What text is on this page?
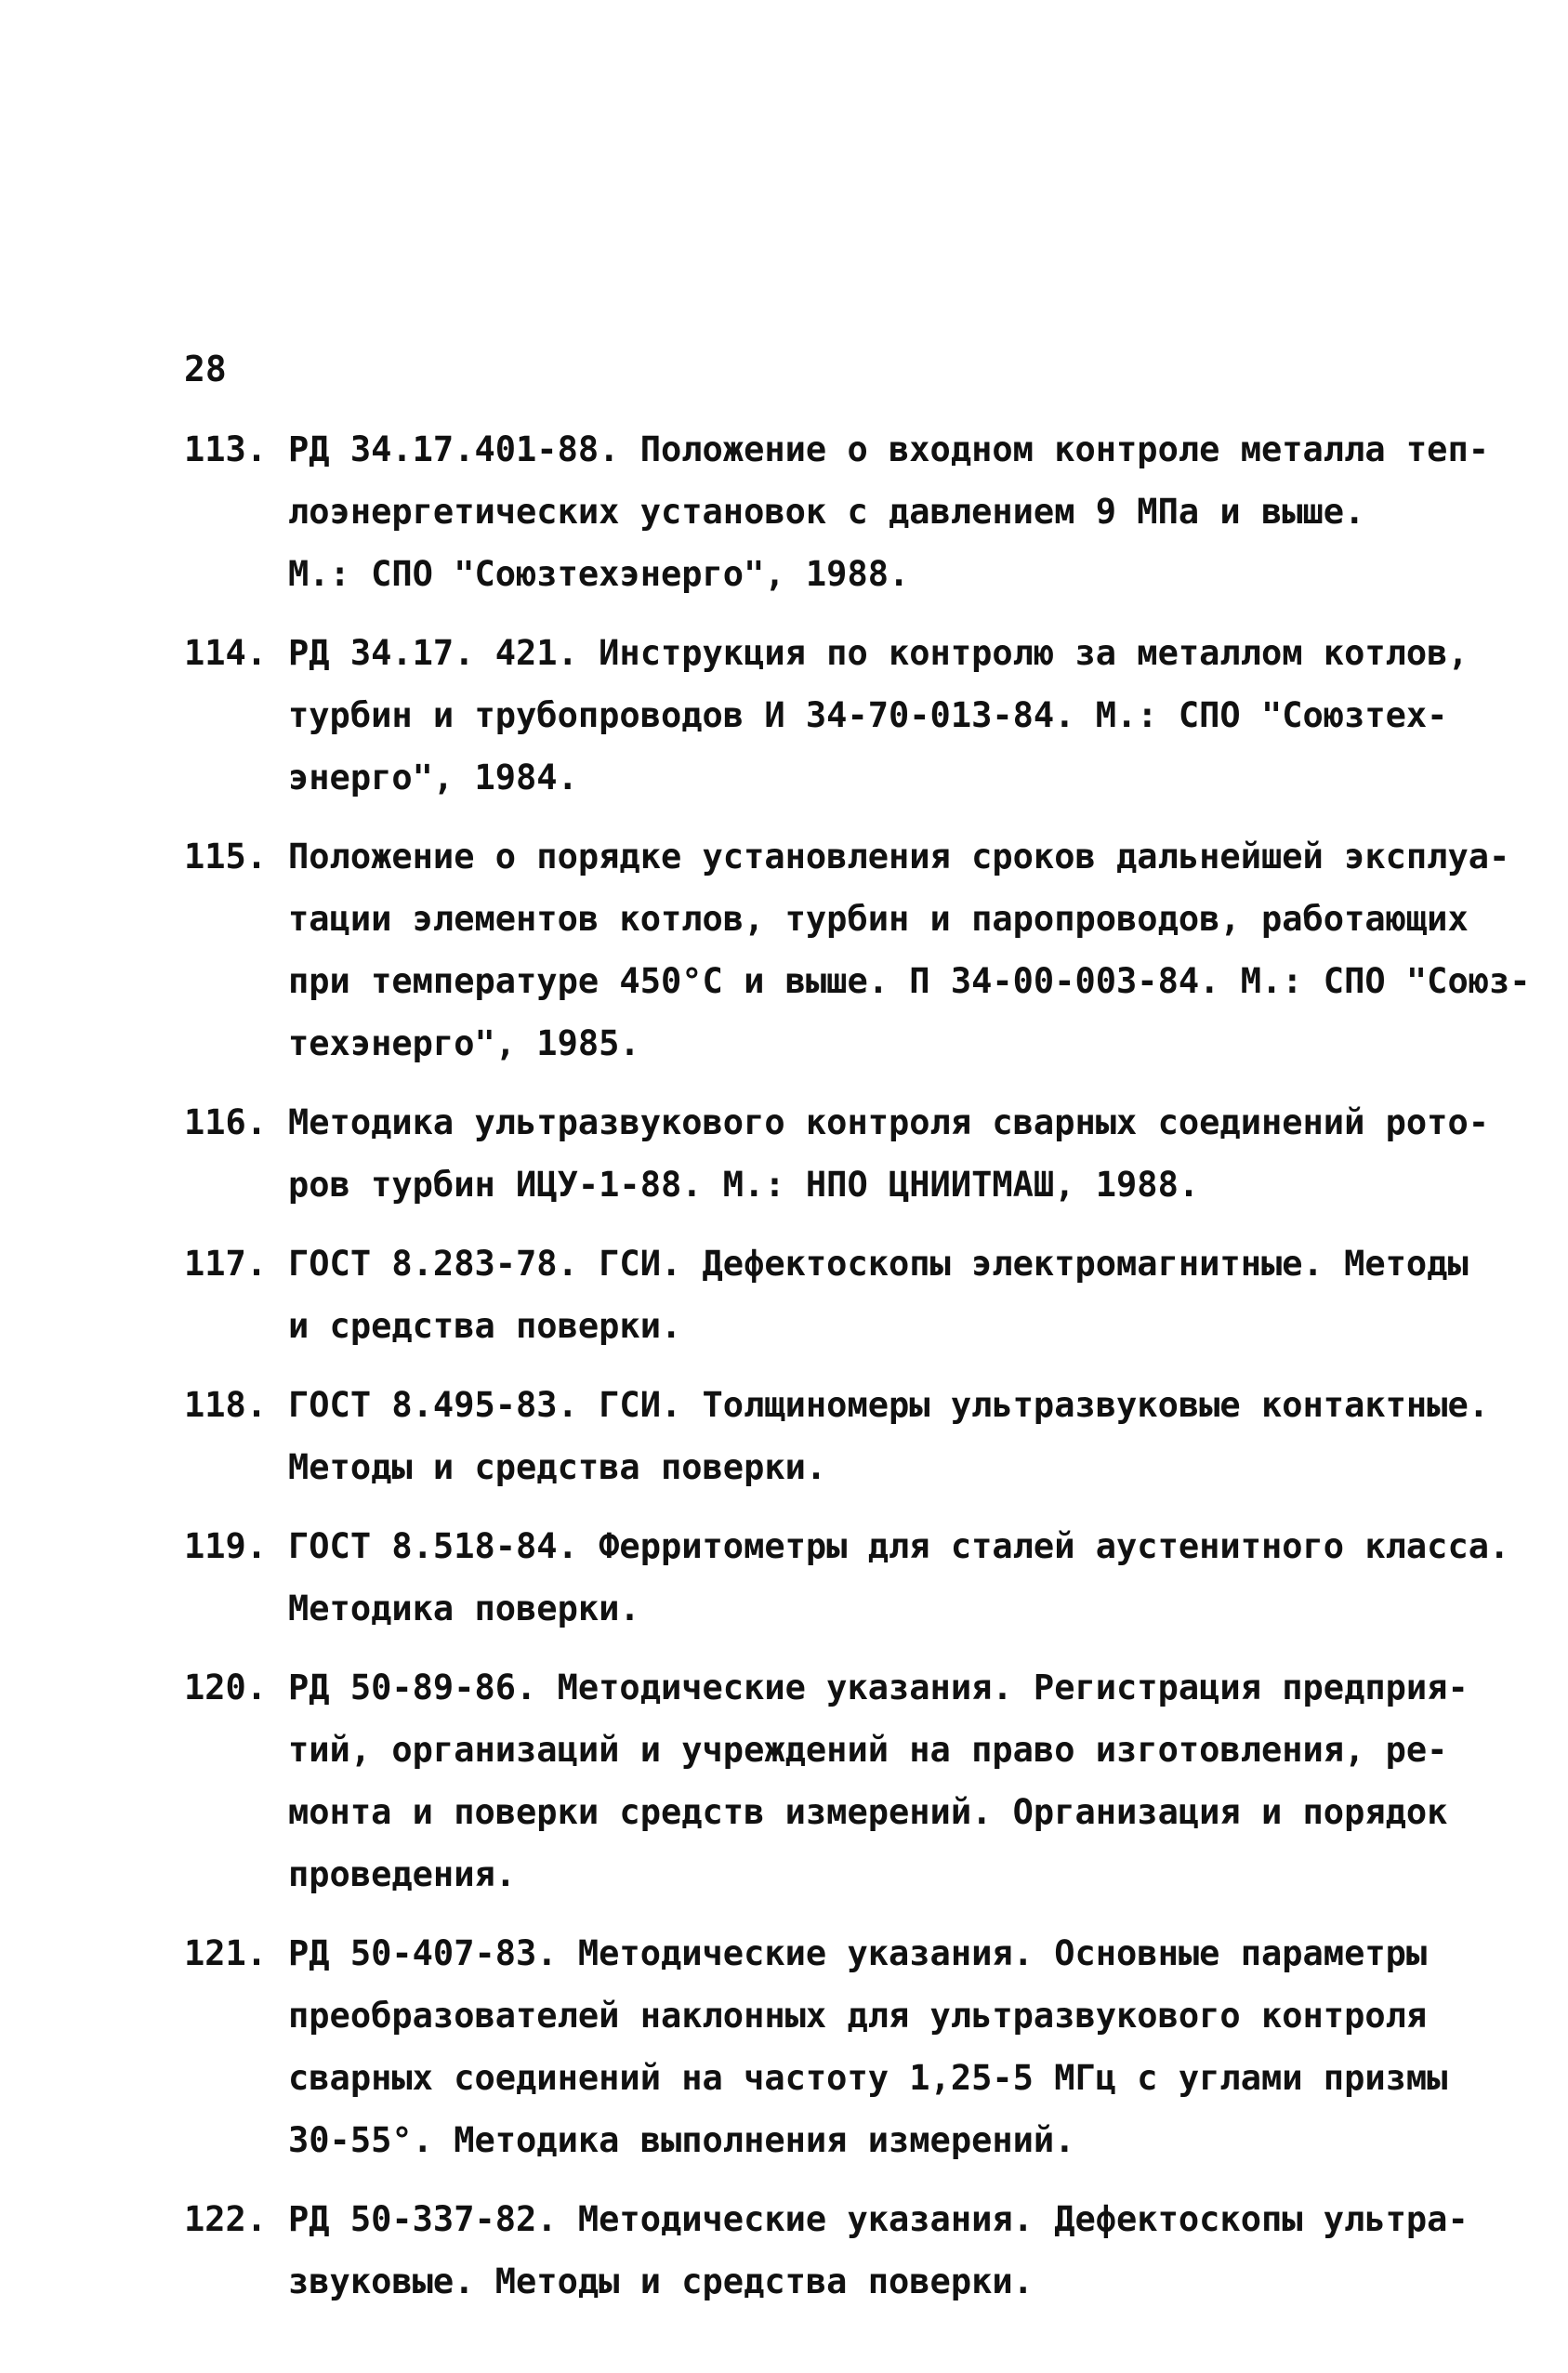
28
113. РД 34.17.401-88. Положение о входном контроле металла теп-
лоэнергетических установок с давлением 9 МПа и выше.
М.: СПО "Союзтехэнерго", 1988.
114. РД 34.17. 421. Инструкция по контролю за металлом котлов,
турбин и трубопроводов И 34-70-013-84. М.: СПО "Союзтех-
энерго", 1984.
115. Положение о порядке установления сроков дальнейшей эксплуа-
тации элементов котлов, турбин и паропроводов, работающих
при температуре 450°С и выше. П 34-00-003-84. М.: СПО "Союз-
техэнерго", 1985.
116. Методика ультразвукового контроля сварных соединений рото-
ров турбин ИЦУ-1-88. М.: НПО ЦНИИТМАШ, 1988.
117. ГОСТ 8.283-78. ГСИ. Дефектоскопы электромагнитные. Методы
и средства поверки.
118. ГОСТ 8.495-83. ГСИ. Толщиномеры ультразвуковые контактные.
Методы и средства поверки.
119. ГОСТ 8.518-84. Ферритометры для сталей аустенитного класса.
Методика поверки.
120. РД 50-89-86. Методические указания. Регистрация предприя-
тий, организаций и учреждений на право изготовления, ре-
монта и поверки средств измерений. Организация и порядок
проведения.
121. РД 50-407-83. Методические указания. Основные параметры
преобразователей наклонных для ультразвукового контроля
сварных соединений на частоту 1,25-5 МГц с углами призмы
30-55°. Методика выполнения измерений.
122. РД 50-337-82. Методические указания. Дефектоскопы ультра-
звуковые. Методы и средства поверки.
